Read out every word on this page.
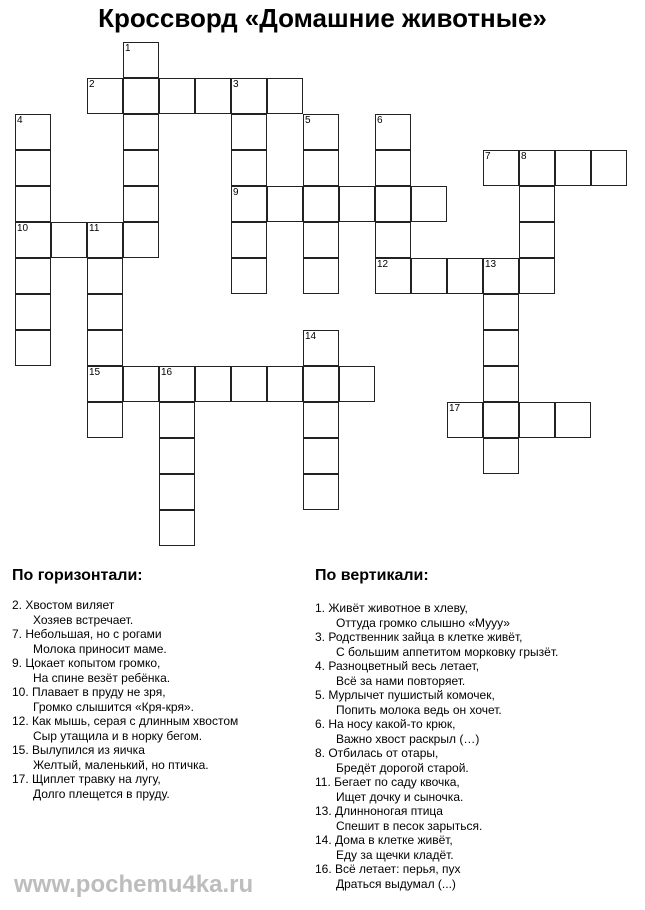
Кроссворд «Домашние животные»
1
2	3
4	5	6
7	8
9
10	11
12	13
14
15	16
17
По горизонтали:

2. Хвостом виляет
Хозяев встречает.

7. Небольшая, но с рогами
Молока приносит маме.

9. Цокает копытом громко,
На спине везёт ребёнка.

10. Плавает в пруду не зря,
Громко слышится «Кря-кря».

12. Как мышь, серая с длинным хвостом
Сыр утащила и в норку бегом.

15. Вылупился из яичка
Желтый, маленький, но птичка.

17. Щиплет травку на лугу,
Долго плещется в пруду.

По вертикали:

1. Живёт животное в хлеву,
Оттуда громко слышно «Мууу»

3. Родственник зайца в клетке живёт,
С большим аппетитом морковку грызёт.

4. Разноцветный весь летает,
Всё за нами повторяет.

5. Мурлычет пушистый комочек,
Попить молока ведь он хочет.

6. На носу какой-то крюк,
Важно хвост раскрыл (…)

8. Отбилась от отары,
Бредёт дорогой старой.

11. Бегает по саду квочка,
Ищет дочку и сыночка.

13. Длинноногая птица
Спешит в песок зарыться.

14. Дома в клетке живёт,
Еду за щечки кладёт.

16. Всё летает: перья, пух
Драться выдумал (...)

www.pochemu4ka.ru
